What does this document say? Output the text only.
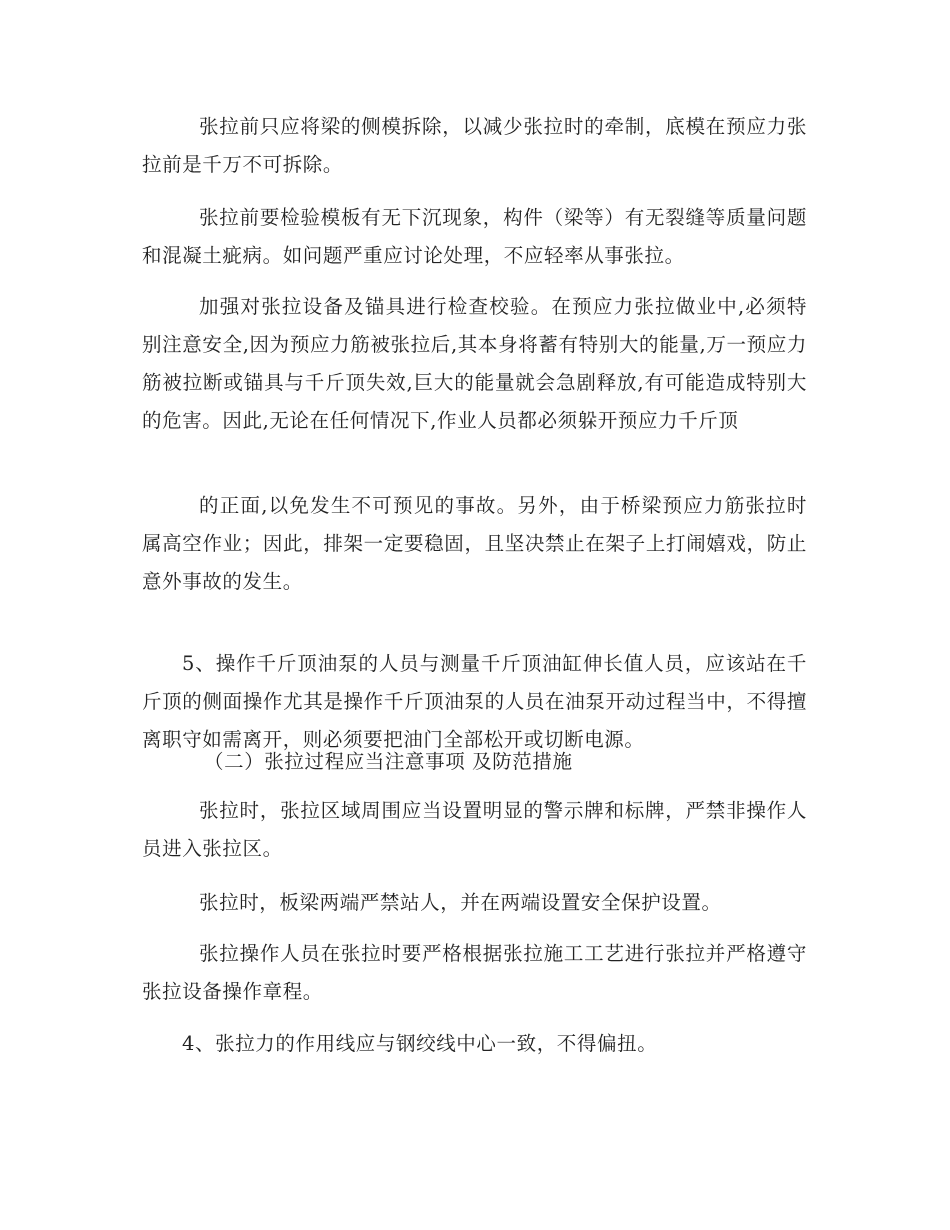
张拉前只应将梁的侧模拆除，以减少张拉时的牵制，底模在预应力张拉前是千万不可拆除。

张拉前要检验模板有无下沉现象，构件（梁等）有无裂缝等质量问题和混凝土疵病。如问题严重应讨论处理，不应轻率从事张拉。

加强对张拉设备及锚具进行检查校验。在预应力张拉做业中,必须特别注意安全,因为预应力筋被张拉后,其本身将蓄有特别大的能量,万一预应力筋被拉断或锚具与千斤顶失效,巨大的能量就会急剧释放,有可能造成特别大的危害。因此,无论在任何情况下,作业人员都必须躲开预应力千斤顶

的正面,以免发生不可预见的事故。另外，由于桥梁预应力筋张拉时属高空作业；因此，排架一定要稳固，且坚决禁止在架子上打闹嬉戏，防止意外事故的发生。

5、操作千斤顶油泵的人员与测量千斤顶油缸伸长值人员，应该站在千斤顶的侧面操作尤其是操作千斤顶油泵的人员在油泵开动过程当中，不得擅离职守如需离开，则必须要把油门全部松开或切断电源。

（二）张拉过程应当注意事项 及防范措施

张拉时，张拉区域周围应当设置明显的警示牌和标牌，严禁非操作人员进入张拉区。

张拉时，板梁两端严禁站人，并在两端设置安全保护设置。

张拉操作人员在张拉时要严格根据张拉施工工艺进行张拉并严格遵守张拉设备操作章程。

4、张拉力的作用线应与钢绞线中心一致，不得偏扭。
